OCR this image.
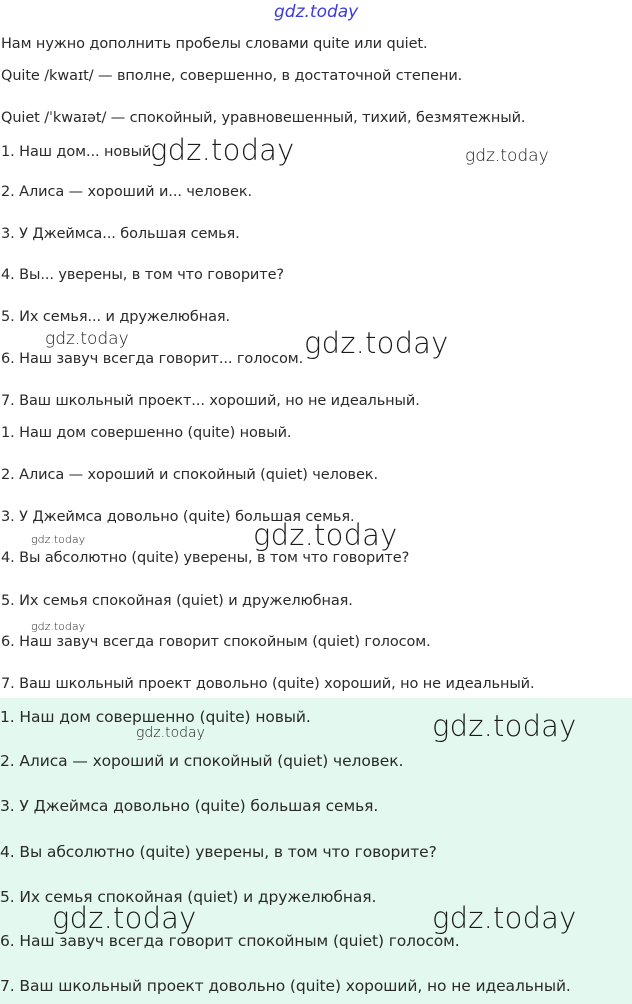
gdz.today
Нам нужно дополнить пробелы словами quite или quiet.
Quite /kwaɪt/ — вполне, совершенно, в достаточной степени.
Quiet /ˈkwaɪət/ — спокойный, уравновешенный, тихий, безмятежный.
1. Наш дом... новый.
2. Алиса — хороший и... человек.
3. У Джеймса... большая семья.
4. Вы... уверены, в том что говорите?
5. Их семья... и дружелюбная.
6. Наш завуч всегда говорит... голосом.
7. Ваш школьный проект... хороший, но не идеальный.
1. Наш дом совершенно (quite) новый.
2. Алиса — хороший и спокойный (quiet) человек.
3. У Джеймса довольно (quite) большая семья.
4. Вы абсолютно (quite) уверены, в том что говорите?
5. Их семья спокойная (quiet) и дружелюбная.
6. Наш завуч всегда говорит спокойным (quiet) голосом.
7. Ваш школьный проект довольно (quite) хороший, но не идеальный.
1. Наш дом совершенно (quite) новый.
2. Алиса — хороший и спокойный (quiet) человек.
3. У Джеймса довольно (quite) большая семья.
4. Вы абсолютно (quite) уверены, в том что говорите?
5. Их семья спокойная (quiet) и дружелюбная.
6. Наш завуч всегда говорит спокойным (quiet) голосом.
7. Ваш школьный проект довольно (quite) хороший, но не идеальный.
gdz.today	gdz.today
gdz.today	gdz.today
gdz.today
gdz.today
gdz.today
gdz.today
gdz.today
gdz.today	gdz.today
